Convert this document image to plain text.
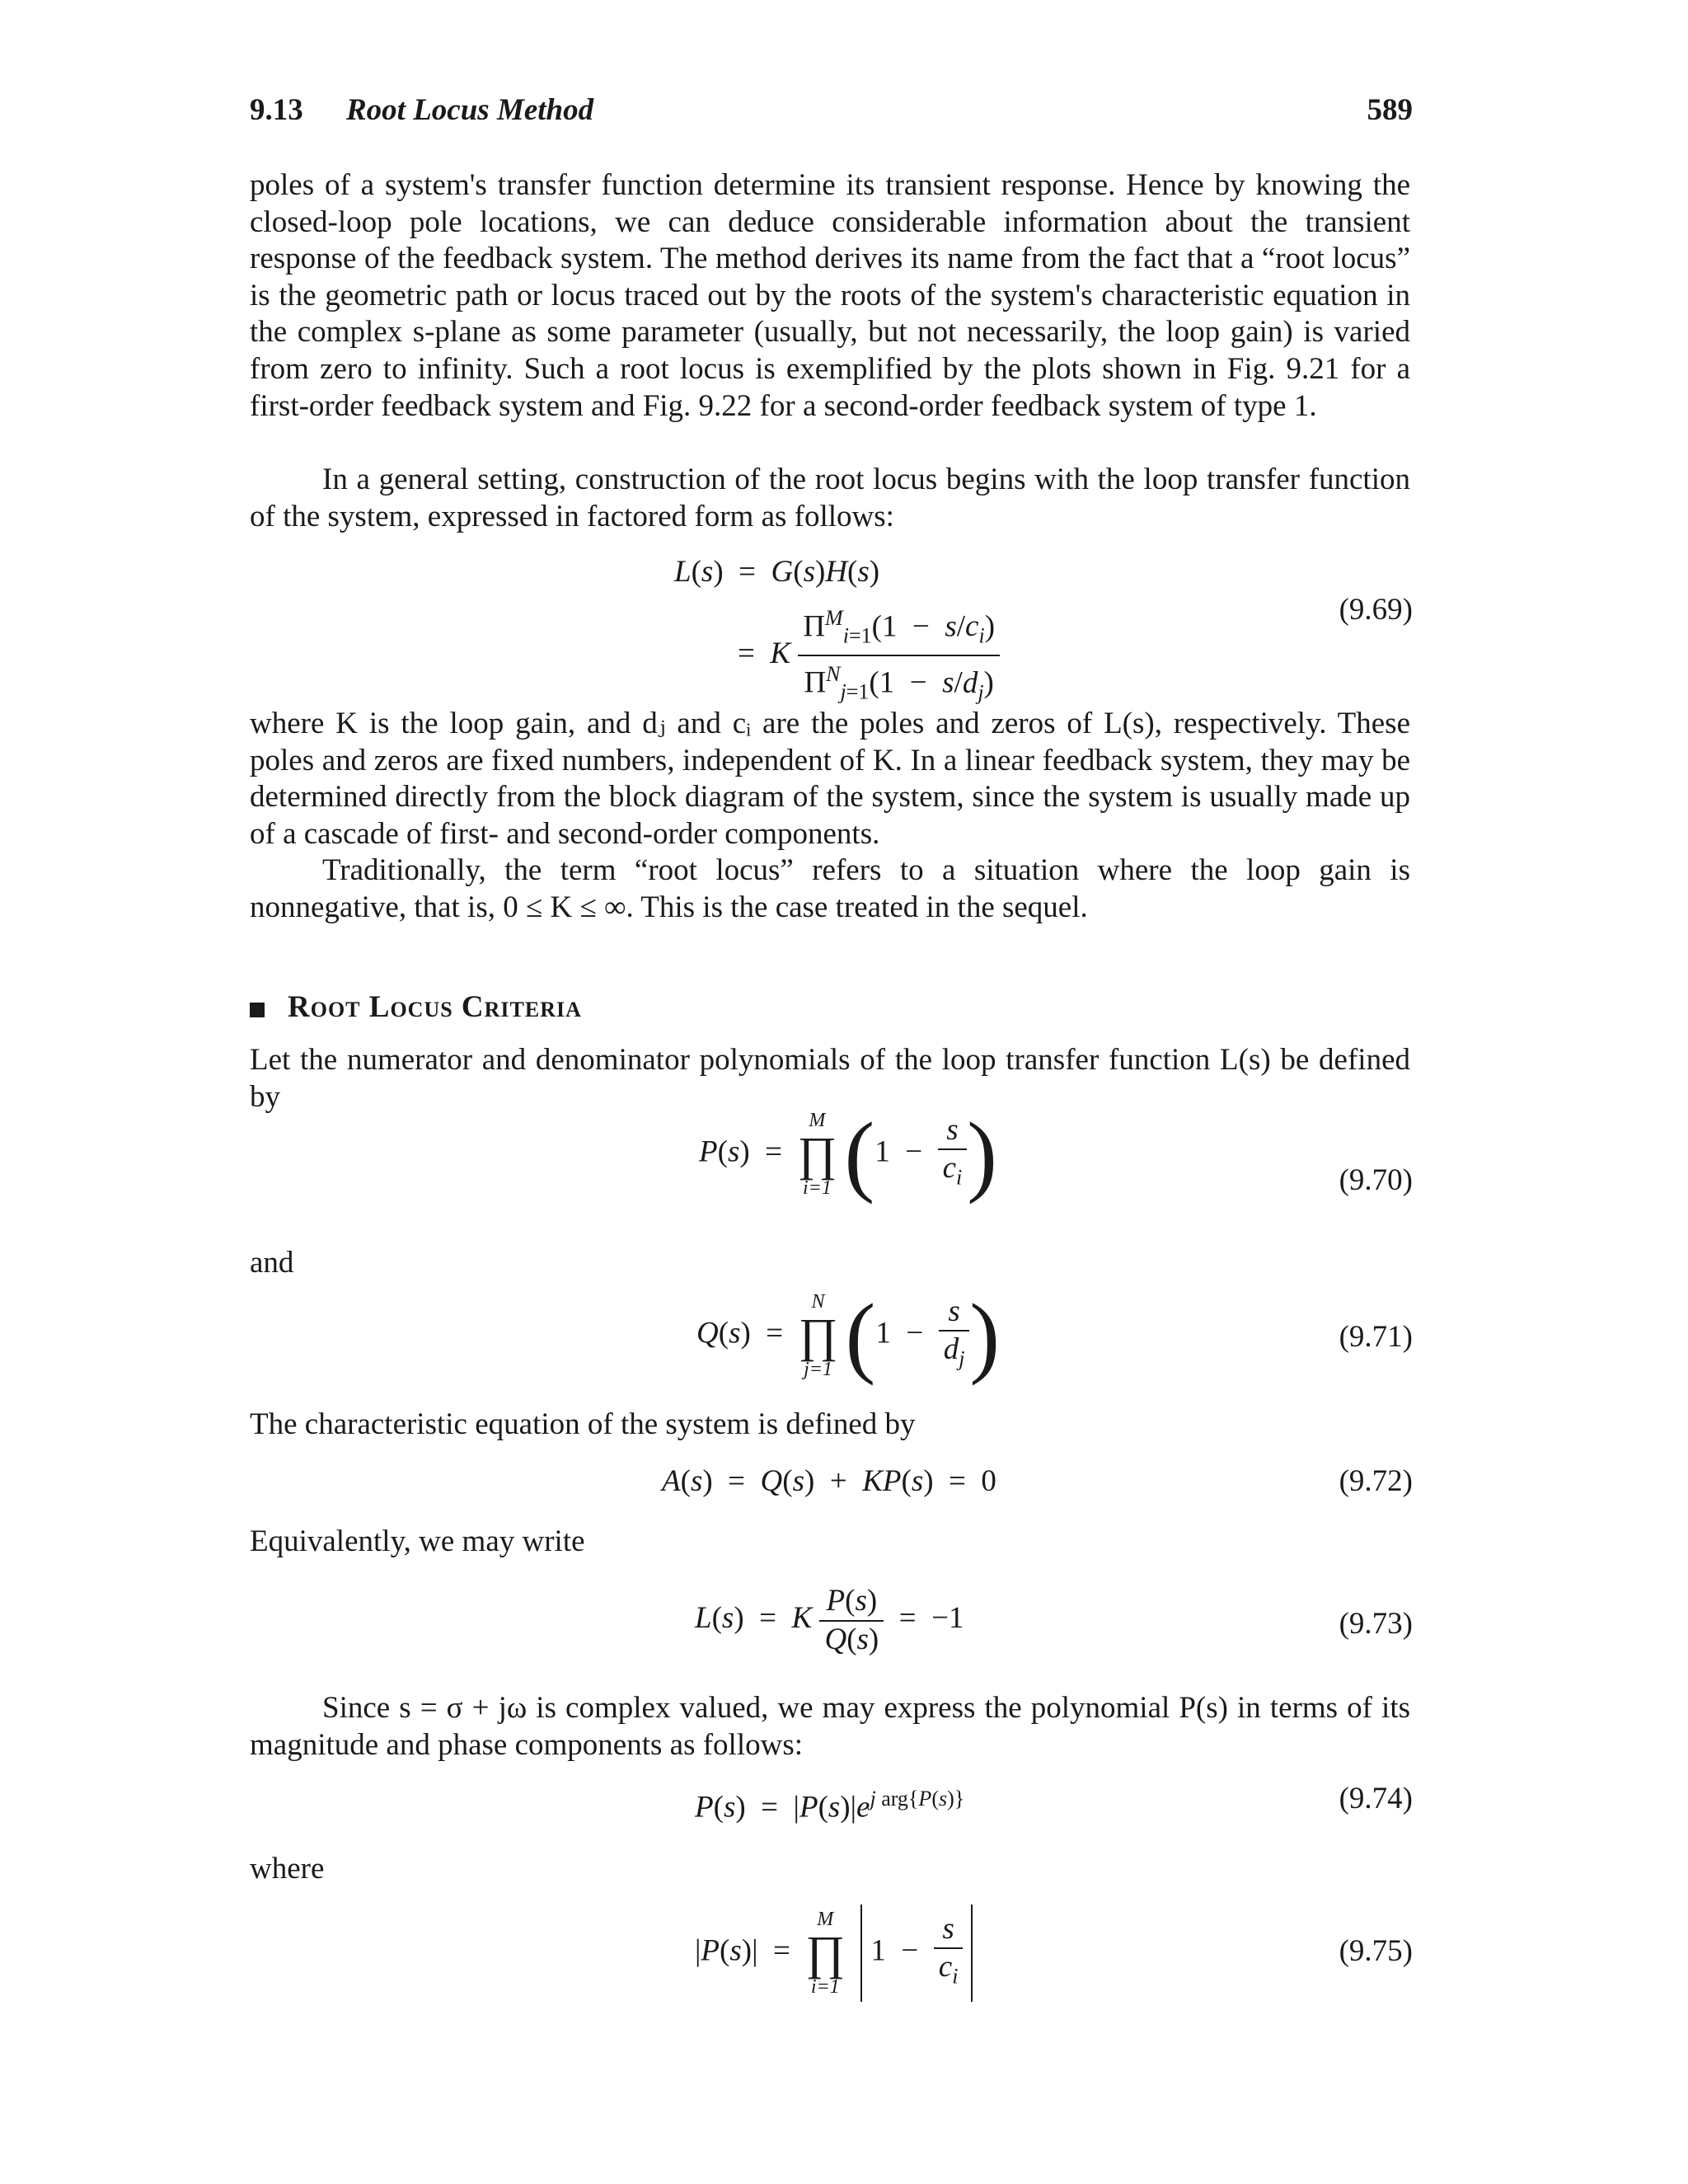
9.13 Root Locus Method	589

poles of a system's transfer function determine its transient response. Hence by knowing the closed-loop pole locations, we can deduce considerable information about the transient response of the feedback system. The method derives its name from the fact that a “root locus” is the geometric path or locus traced out by the roots of the system's characteristic equation in the complex s-plane as some parameter (usually, but not necessarily, the loop gain) is varied from zero to infinity. Such a root locus is exemplified by the plots shown in Fig. 9.21 for a first-order feedback system and Fig. 9.22 for a second-order feedback system of type 1.

In a general setting, construction of the root locus begins with the loop transfer function of the system, expressed in factored form as follows:

L(s)  =  G(s)H(s)
=  K $\frac{\Pi^M_{i=1}(1 - s/c_i)}{\Pi^N_{j=1}(1 - s/d_j)}$	(9.69)

where K is the loop gain, and dⱼ and cᵢ are the poles and zeros of L(s), respectively. These poles and zeros are fixed numbers, independent of K. In a linear feedback system, they may be determined directly from the block diagram of the system, since the system is usually made up of a cascade of first- and second-order components.

Traditionally, the term “root locus” refers to a situation where the loop gain is nonnegative, that is, 0 ≤ K ≤ ∞. This is the case treated in the sequel.

Root Locus Criteria

Let the numerator and denominator polynomials of the loop transfer function L(s) be defined by

P(s)  =
M
∏
i=1 ($1 - \frac{s}{c_i}$ )	(9.70)

and

Q(s)  =
N
∏
j=1 ($1 - \frac{s}{d_j}$ )	(9.71)

The characteristic equation of the system is defined by

A(s)  =  Q(s)  +  KP(s)  =  0	(9.72)

Equivalently, we may write

L(s)  =  K $\frac{P(s)}{Q(s)} = -1$	(9.73)

Since s = σ + jω is complex valued, we may express the polynomial P(s) in terms of its magnitude and phase components as follows:

$P(s) = |P(s)|e^{j arg\{P(s)\}}$	(9.74)

where

|P(s)|  =
M
∏
i=1
$1 - \frac{s}{c_i}$	(9.75)
